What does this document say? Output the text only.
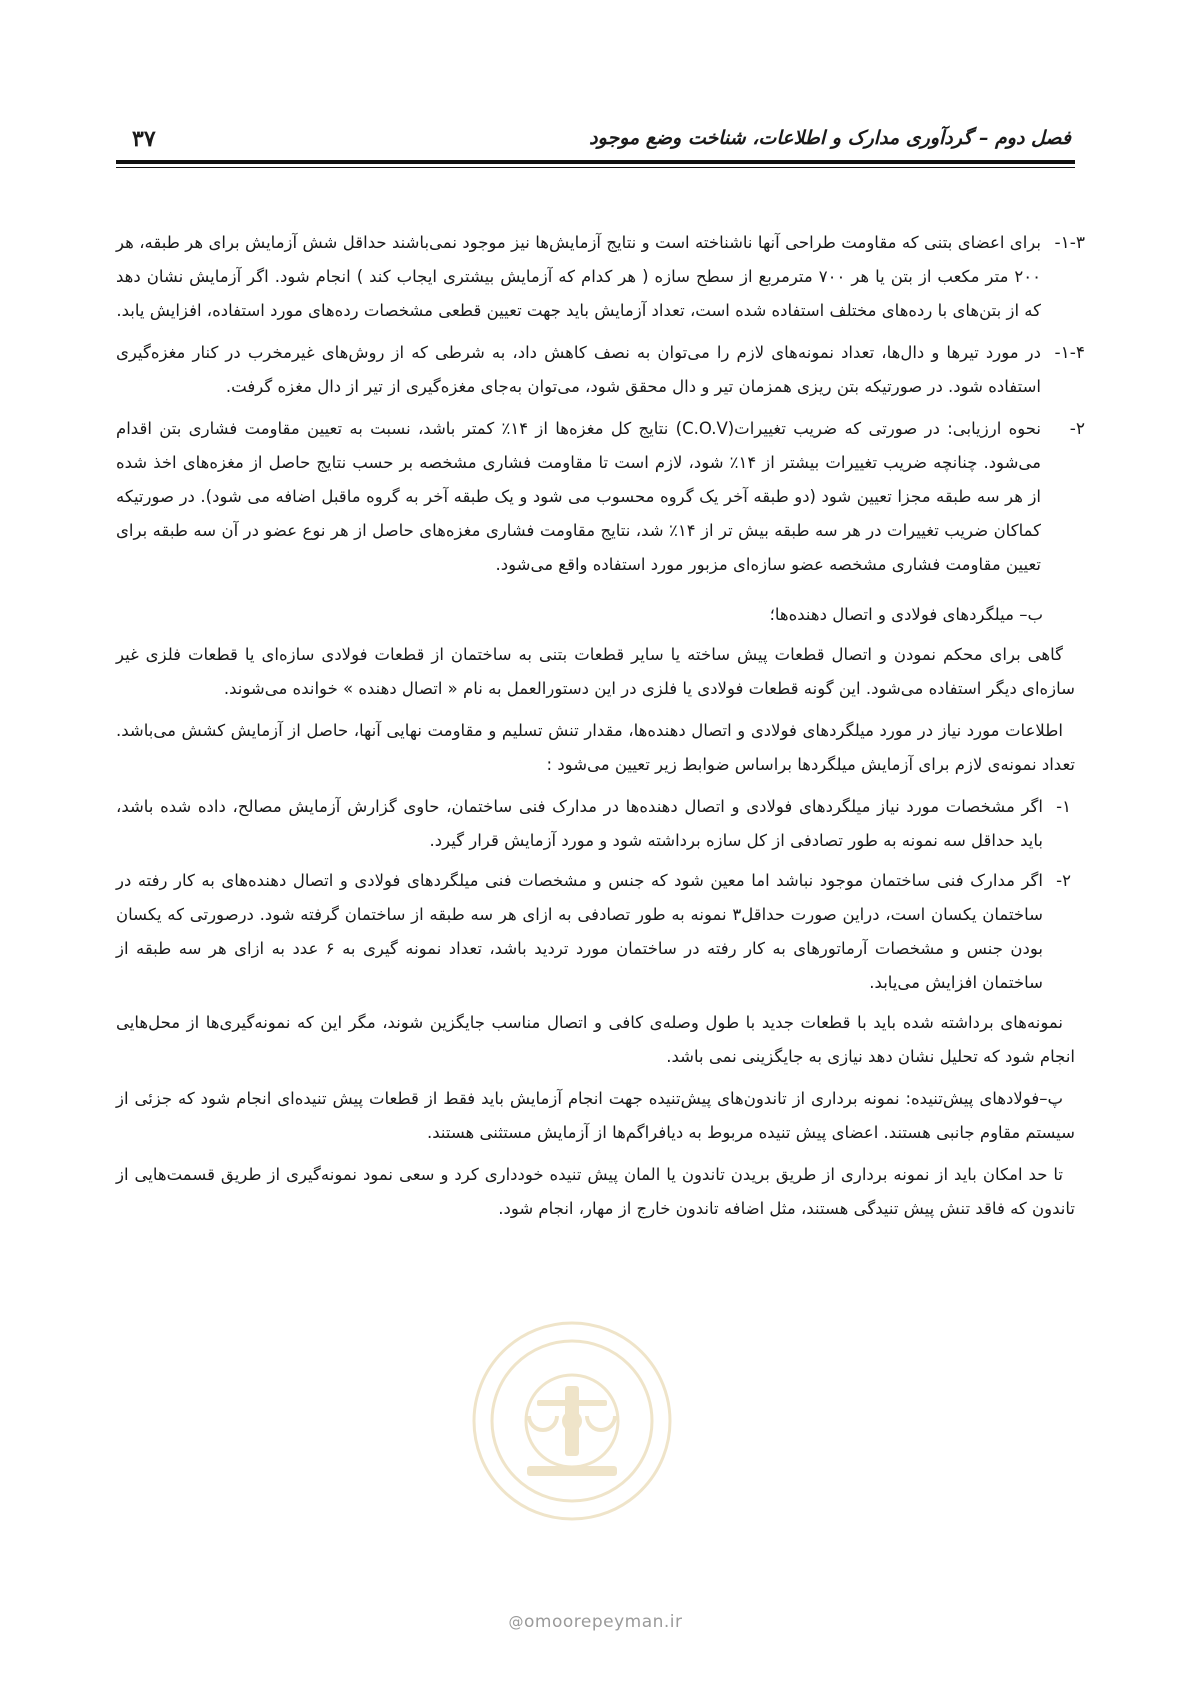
فصل دوم – گردآوری مدارک و اطلاعات، شناخت وضع موجود
۳۷
۱-۳-

برای اعضای بتنی که مقاومت طراحی آنها ناشناخته است و نتایج آزمایش‌ها نیز موجود نمی‌باشند حداقل شش آزمایش برای هر طبقه، هر ۲۰۰ متر مکعب از بتن یا هر ۷۰۰ مترمربع از سطح سازه ( هر کدام که آزمایش بیشتری ایجاب کند ) انجام شود. اگر آزمایش نشان دهد که از بتن‌های با رده‌های مختلف استفاده شده است، تعداد آزمایش باید جهت تعیین قطعی مشخصات رده‌های مورد استفاده، افزایش یابد.

۱-۴-

در مورد تیرها و دال‌ها، تعداد نمونه‌های لازم را می‌توان به نصف کاهش داد، به شرطی که از روش‌های غیرمخرب در کنار مغزه‌گیری استفاده شود. در صورتیکه بتن ریزی همزمان تیر و دال محقق شود، می‌توان به‌جای مغزه‌گیری از تیر از دال مغزه گرفت.

۲-

نحوه ارزیابی: در صورتی که ضریب تغییرات(C.O.V) نتایج کل مغزه‌ها از ۱۴٪ کمتر باشد، نسبت به تعیین مقاومت فشاری بتن اقدام می‌شود. چنانچه ضریب تغییرات بیشتر از ۱۴٪ شود، لازم است تا مقاومت فشاری مشخصه بر حسب نتایج حاصل از مغزه‌های اخذ شده از هر سه طبقه مجزا تعیین شود (دو طبقه آخر یک گروه محسوب می شود و یک طبقه آخر به گروه ماقبل اضافه می شود). در صورتیکه کماکان ضریب تغییرات در هر سه طبقه بیش تر از ۱۴٪ شد، نتایج مقاومت فشاری مغزه‌های حاصل از هر نوع عضو در آن سه طبقه برای تعیین مقاومت فشاری مشخصه عضو سازه‌ای مزبور مورد استفاده واقع می‌شود.

ب– میلگردهای فولادی و اتصال دهنده‌ها؛

گاهی برای محکم نمودن و اتصال قطعات پیش ساخته یا سایر قطعات بتنی به ساختمان از قطعات فولادی سازه‌ای یا قطعات فلزی غیر سازه‌ای دیگر استفاده می‌شود. این گونه قطعات فولادی یا فلزی در این دستورالعمل به نام « اتصال دهنده » خوانده می‌شوند.

اطلاعات مورد نیاز در مورد میلگردهای فولادی و اتصال دهنده‌ها، مقدار تنش تسلیم و مقاومت نهایی آنها، حاصل از آزمایش کشش می‌باشد. تعداد نمونه‌ی لازم برای آزمایش میلگردها براساس ضوابط زیر تعیین می‌شود :

۱-

اگر مشخصات مورد نیاز میلگردهای فولادی و اتصال دهنده‌ها در مدارک فنی ساختمان، حاوی گزارش آزمایش مصالح، داده شده باشد، باید حداقل سه نمونه به طور تصادفی از کل سازه برداشته شود و مورد آزمایش قرار گیرد.

۲-

اگر مدارک فنی ساختمان موجود نباشد اما معین شود که جنس و مشخصات فنی میلگردهای فولادی و اتصال دهنده‌های به کار رفته در ساختمان یکسان است، دراین صورت حداقل۳ نمونه به طور تصادفی به ازای هر سه طبقه از ساختمان گرفته شود. درصورتی که یکسان بودن جنس و مشخصات آرماتورهای به کار رفته در ساختمان مورد تردید باشد، تعداد نمونه گیری به ۶ عدد به ازای هر سه طبقه از ساختمان افزایش می‌یابد.

نمونه‌های برداشته شده باید با قطعات جدید با طول وصله‌ی کافی و اتصال مناسب جایگزین شوند، مگر این که نمونه‌گیری‌ها از محل‌هایی انجام شود که تحلیل نشان دهد نیازی به جایگزینی نمی باشد.

پ–فولادهای پیش‌تنیده: نمونه برداری از تاندون‌های پیش‌تنیده جهت انجام آزمایش باید فقط از قطعات پیش تنیده‌ای انجام شود که جزئی از سیستم مقاوم جانبی هستند. اعضای پیش تنیده مربوط به دیافراگم‌ها از آزمایش مستثنی هستند.

تا حد امکان باید از نمونه برداری از طریق بریدن تاندون یا المان پیش تنیده خودداری کرد و سعی نمود نمونه‌گیری از طریق قسمت‌هایی از تاندون که فاقد تنش پیش تنیدگی هستند، مثل اضافه تاندون خارج از مهار، انجام شود.

@omoorepeyman.ir
